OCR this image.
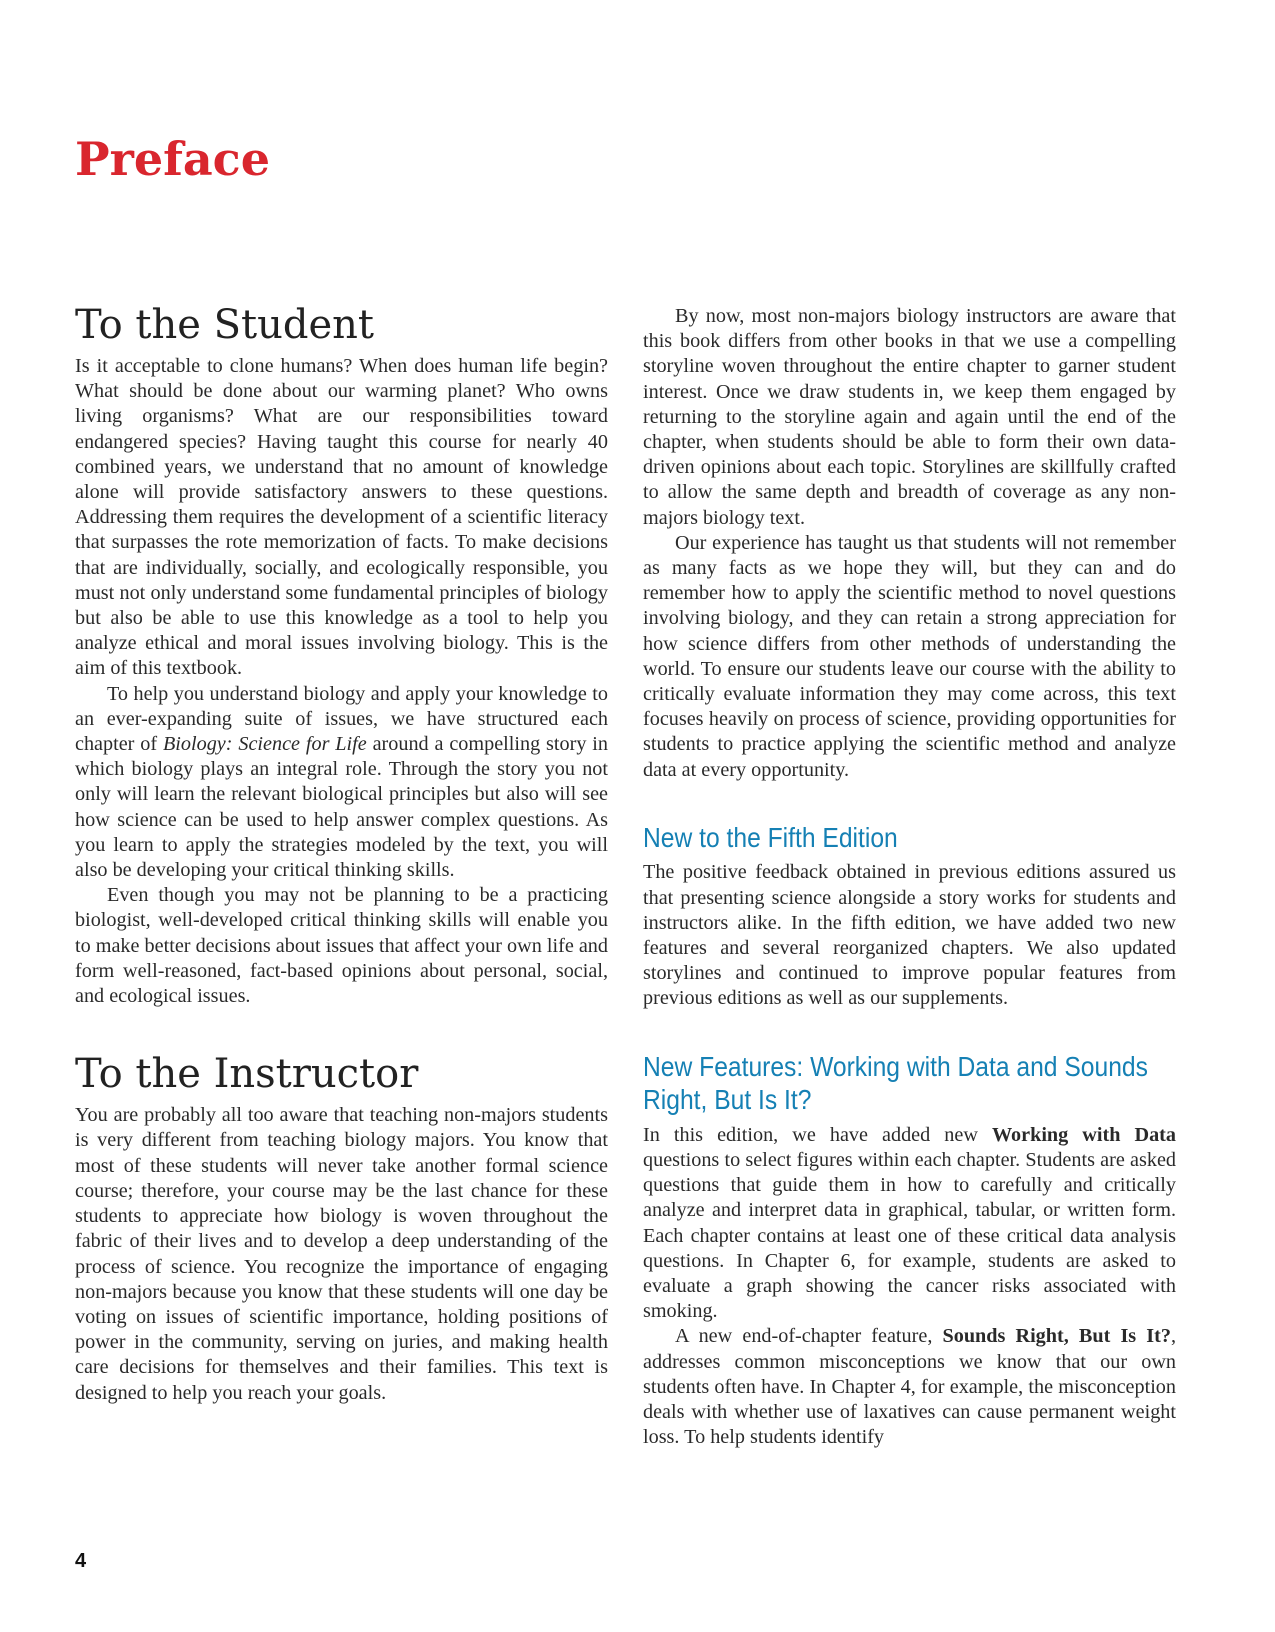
Preface
To the Student

Is it acceptable to clone humans? When does human life begin? What should be done about our warming planet? Who owns living organisms? What are our responsibilities toward endangered species? Having taught this course for nearly 40 combined years, we understand that no amount of knowledge alone will provide satisfactory answers to these questions. Addressing them requires the development of a scientific literacy that surpasses the rote memorization of facts. To make decisions that are individually, socially, and ecologically responsible, you must not only understand some fundamental principles of biology but also be able to use this knowledge as a tool to help you analyze ethical and moral issues involving biology. This is the aim of this textbook.

To help you understand biology and apply your knowledge to an ever-expanding suite of issues, we have structured each chapter of Biology: Science for Life around a compelling story in which biology plays an integral role. Through the story you not only will learn the relevant biological principles but also will see how science can be used to help answer complex questions. As you learn to apply the strategies modeled by the text, you will also be developing your critical thinking skills.

Even though you may not be planning to be a practicing biologist, well-developed critical thinking skills will enable you to make better decisions about issues that affect your own life and form well-reasoned, fact-based opinions about personal, social, and ecological issues.

To the Instructor

You are probably all too aware that teaching non-majors students is very different from teaching biology majors. You know that most of these students will never take another formal science course; therefore, your course may be the last chance for these students to appreciate how biology is woven throughout the fabric of their lives and to develop a deep understanding of the process of science. You recognize the importance of engaging non-majors because you know that these students will one day be voting on issues of scientific importance, holding positions of power in the community, serving on juries, and making health care decisions for themselves and their families. This text is designed to help you reach your goals.

By now, most non-majors biology instructors are aware that this book differs from other books in that we use a compelling storyline woven throughout the entire chapter to garner student interest. Once we draw students in, we keep them engaged by returning to the storyline again and again until the end of the chapter, when students should be able to form their own data-driven opinions about each topic. Storylines are skillfully crafted to allow the same depth and breadth of coverage as any non-majors biology text.

Our experience has taught us that students will not remember as many facts as we hope they will, but they can and do remember how to apply the scientific method to novel questions involving biology, and they can retain a strong appreciation for how science differs from other methods of understanding the world. To ensure our students leave our course with the ability to critically evaluate information they may come across, this text focuses heavily on process of science, providing opportunities for students to practice applying the scientific method and analyze data at every opportunity.

New to the Fifth Edition

The positive feedback obtained in previous editions assured us that presenting science alongside a story works for students and instructors alike. In the fifth edition, we have added two new features and several reorganized chapters. We also updated storylines and continued to improve popular features from previous editions as well as our supplements.

New Features: Working with Data and Sounds Right, But Is It?

In this edition, we have added new Working with Data questions to select figures within each chapter. Students are asked questions that guide them in how to carefully and critically analyze and interpret data in graphical, tabular, or written form. Each chapter contains at least one of these critical data analysis questions. In Chapter 6, for example, students are asked to evaluate a graph showing the cancer risks associated with smoking.

A new end-of-chapter feature, Sounds Right, But Is It?, addresses common misconceptions we know that our own students often have. In Chapter 4, for example, the misconception deals with whether use of laxatives can cause permanent weight loss. To help students identify

4
